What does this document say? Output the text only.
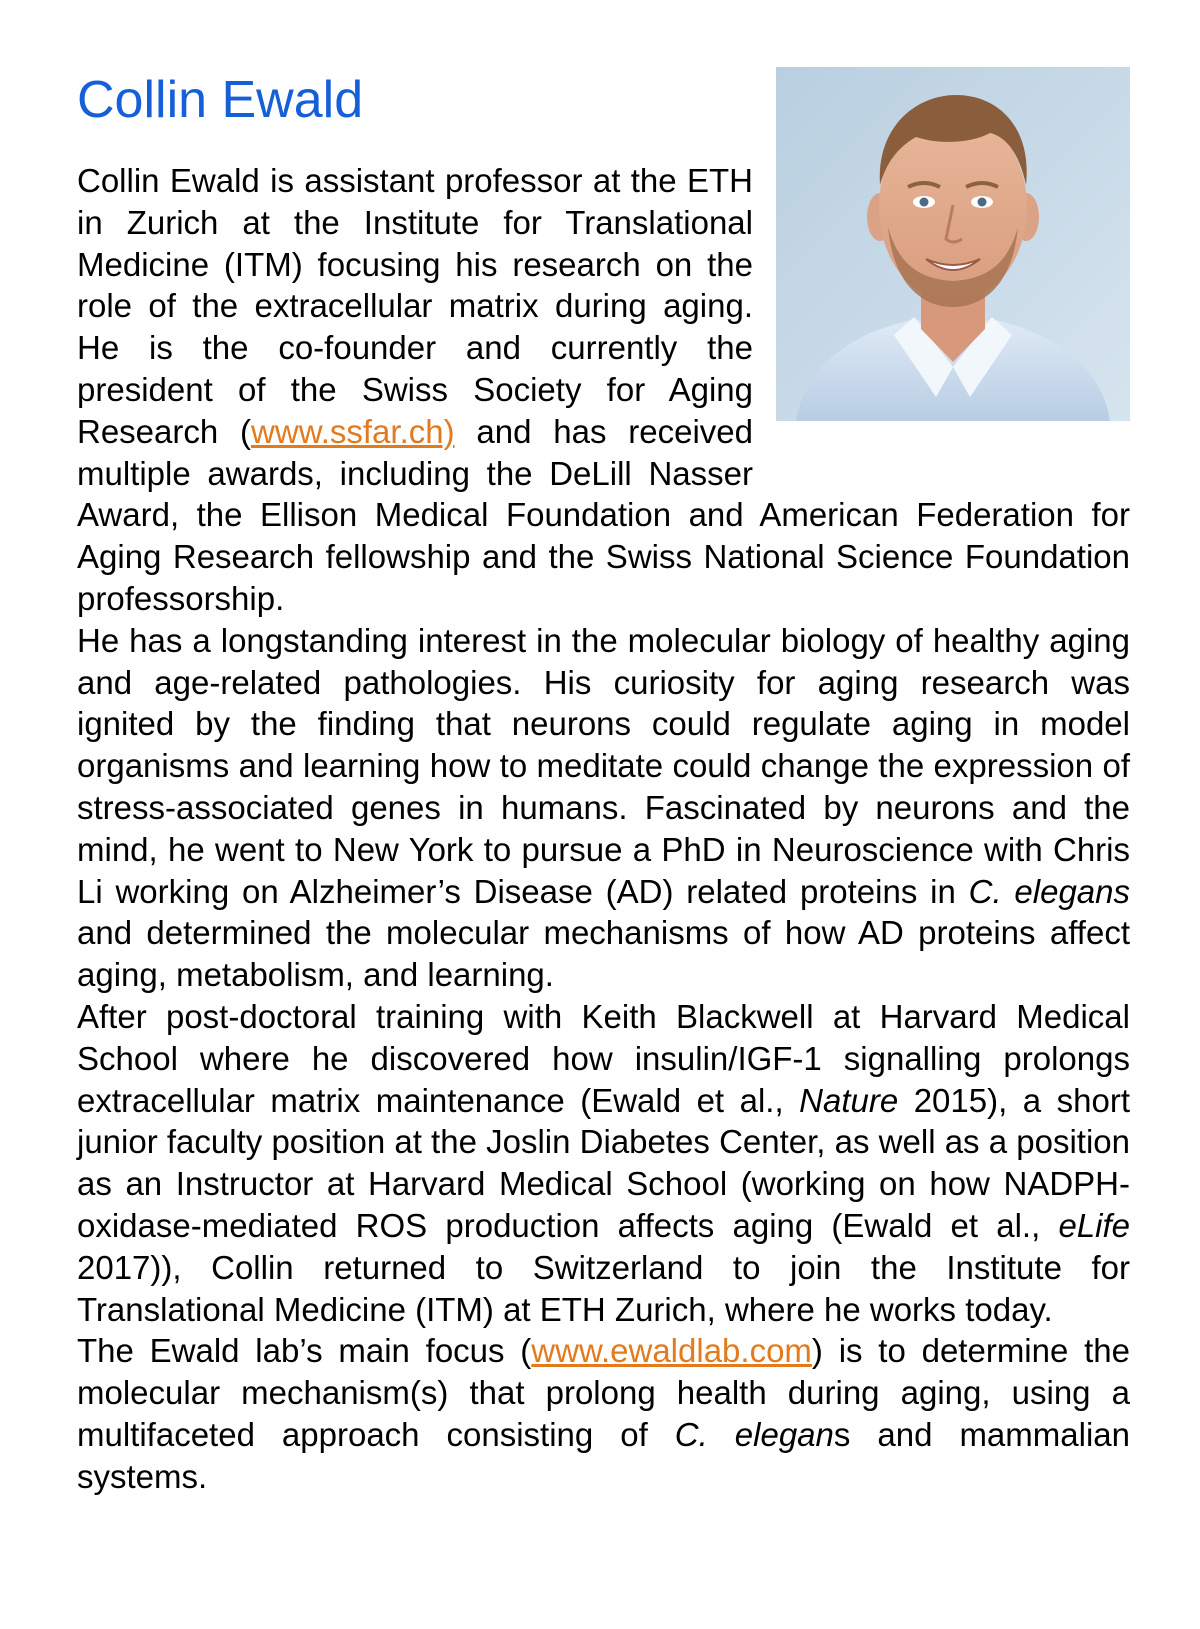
Collin Ewald

Collin Ewald is assistant professor at the ETH in Zurich at the Institute for Translational Medicine (ITM) focusing his research on the role of the extracellular matrix during aging. He is the co-founder and currently the president of the Swiss Society for Aging Research (www.ssfar.ch) and has received multiple awards, including the DeLill Nasser Award, the Ellison Medical Foundation and American Federation for Aging Research fellowship and the Swiss National Science Foundation professorship.

He has a longstanding interest in the molecular biology of healthy aging and age-related pathologies. His curiosity for aging research was ignited by the finding that neurons could regulate aging in model organisms and learning how to meditate could change the expression of stress-associated genes in humans. Fascinated by neurons and the mind, he went to New York to pursue a PhD in Neuroscience with Chris Li working on Alzheimer’s Disease (AD) related proteins in C. elegans and determined the molecular mechanisms of how AD proteins affect aging, metabolism, and learning.

After post-doctoral training with Keith Blackwell at Harvard Medical School where he discovered how insulin/IGF-1 signalling prolongs extracellular matrix maintenance (Ewald et al., Nature 2015), a short junior faculty position at the Joslin Diabetes Center, as well as a position as an Instructor at Harvard Medical School (working on how NADPH-oxidase-mediated ROS production affects aging (Ewald et al., eLife 2017)), Collin returned to Switzerland to join the Institute for Translational Medicine (ITM) at ETH Zurich, where he works today.

The Ewald lab’s main focus (www.ewaldlab.com) is to determine the molecular mechanism(s) that prolong health during aging, using a multifaceted approach consisting of C. elegans and mammalian systems.
